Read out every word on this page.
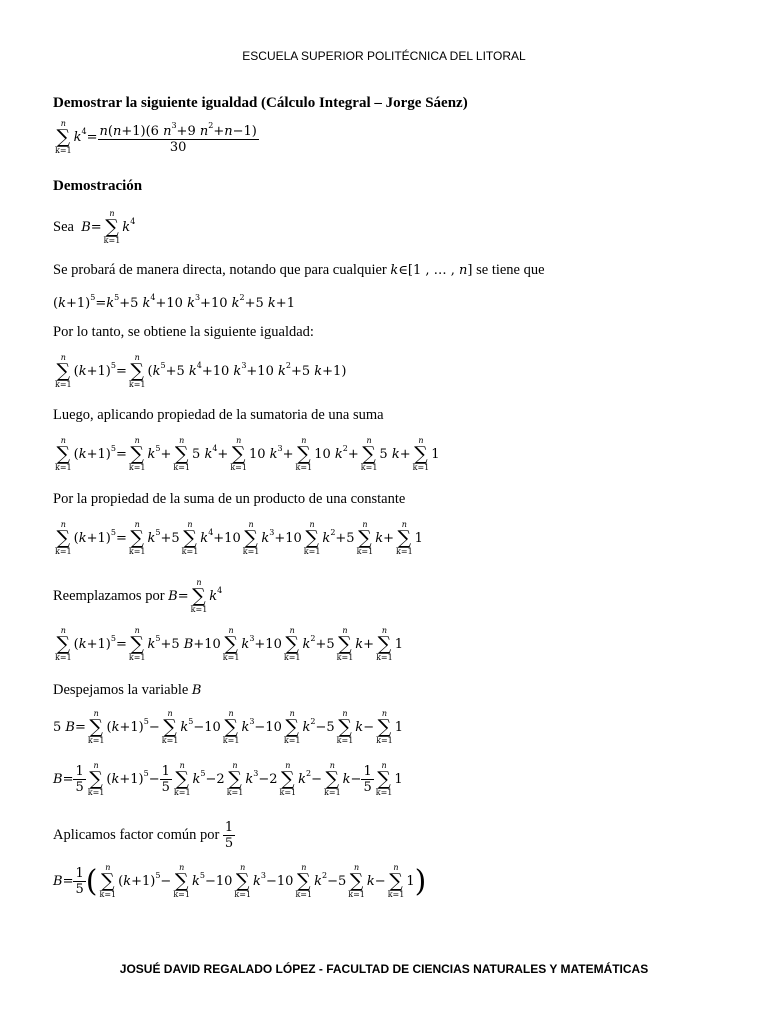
ESCUELA SUPERIOR POLITÉCNICA DEL LITORAL
Demostrar la siguiente igualdad (Cálculo Integral – Jorge Sáenz)
n
∑
k=1
$k^4= \frac{n(n+1)(6 n^3+9 n^2+n-1)}{30}$
Demostración
Sea B=
n
∑
k=1
$k^4$
Se probará de manera directa, notando que para cualquier k∈[1 , … , n] se tiene que
$(k+1)^5=k^5+5$ $k^4+10$ $k^3+10$ $k^2+5$ k+1
Por lo tanto, se obtiene la siguiente igualdad:
n
∑
k=1
$(k+1)^5=$
n
∑
k=1
($k^5+5$ $k^4+10$ $k^3+10$ $k^2+5$ k+1)
Luego, aplicando propiedad de la sumatoria de una suma
n
∑
k=1
$(k+1)^5=$
n
∑
k=1
$k^5+$
n
∑
k=1
5 $k^4+$
n
∑
k=1
10 $k^3+$
n
∑
k=1
10 $k^2+$
n
∑
k=1
5 k+
n
∑
k=1
1
Por la propiedad de la suma de un producto de una constante
n
∑
k=1
$(k+1)^5=$
n
∑
k=1
$k^5+5$
n
∑
k=1
$k^4+10$
n
∑
k=1
$k^3+10$
n
∑
k=1
$k^2+5$
n
∑
k=1
k+
n
∑
k=1
1
Reemplazamos por B=
n
∑
k=1
$k^4$
n
∑
k=1
$(k+1)^5=$
n
∑
k=1
$k^5+5$ B+10
n
∑
k=1
$k^3+10$
n
∑
k=1
$k^2+5$
n
∑
k=1
k+
n
∑
k=1
1
Despejamos la variable B
5 B=
n
∑
k=1
$(k+1)^5-$
n
∑
k=1
$k^5-10$
n
∑
k=1
$k^3-10$
n
∑
k=1
$k^2-5$
n
∑
k=1
k−
n
∑
k=1
1
$B= \frac{1}{5}$ n
∑
k=1
$(k+1)^5- \frac{1}{5}$ n
∑
k=1
$k^5-2$
n
∑
k=1
$k^3-2$
n
∑
k=1
$k^2-$
n
∑
k=1
$k- \frac{1}{5}$ n
∑
k=1
1
Aplicamos factor común por $\frac{1}{5}$
$B= \frac{1}{5}$ ( n
∑
k=1
$(k+1)^5-$
n
∑
k=1
$k^5-10$
n
∑
k=1
$k^3-10$
n
∑
k=1
$k^2-5$
n
∑
k=1
k−
n
∑
k=1
1)
JOSUÉ DAVID REGALADO LÓPEZ - FACULTAD DE CIENCIAS NATURALES Y MATEMÁTICAS
